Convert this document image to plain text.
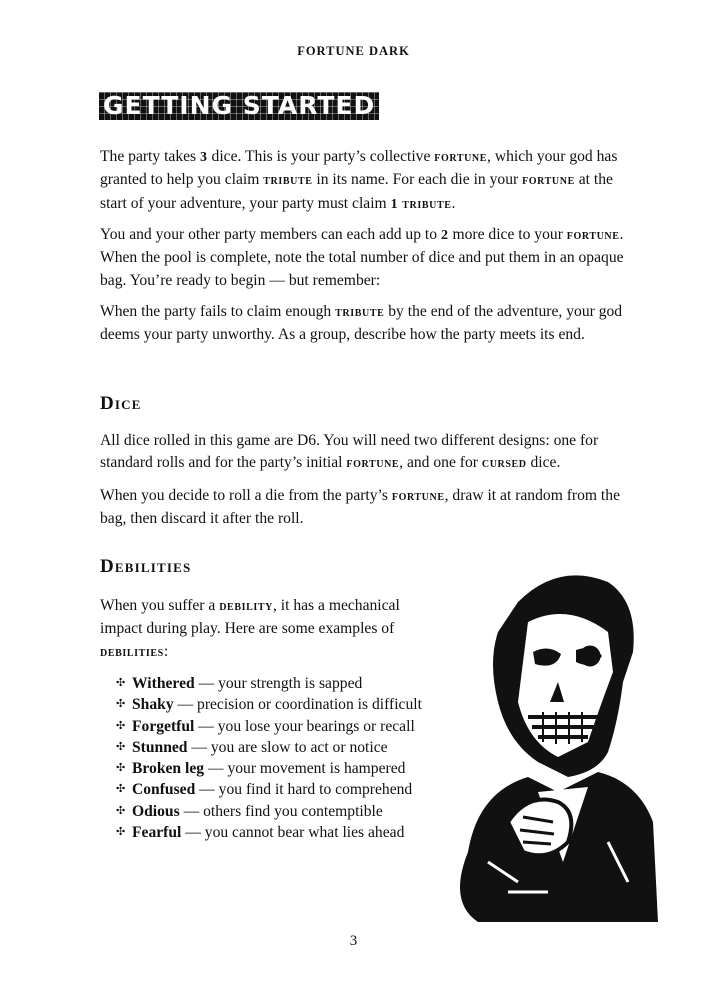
FORTUNE DARK
GETTING STARTED

The party takes 3 dice. This is your party’s collective fortune, which your god has granted to help you claim tribute in its name. For each die in your fortune at the start of your adventure, your party must claim 1 tribute.

You and your other party members can each add up to 2 more dice to your fortune. When the pool is complete, note the total number of dice and put them in an opaque bag. You’re ready to begin — but remember:

When the party fails to claim enough tribute by the end of the adventure, your god deems your party unworthy. As a group, describe how the party meets its end.

Dice

All dice rolled in this game are D6. You will need two different designs: one for standard rolls and for the party’s initial fortune, and one for cursed dice.

When you decide to roll a die from the party’s fortune, draw it at random from the bag, then discard it after the roll.

Debilities

When you suffer a debility, it has a mechanical impact during play. Here are some examples of debilities:

✣ Withered — your strength is sapped
✣ Shaky — precision or coordination is difficult
✣ Forgetful — you lose your bearings or recall
✣ Stunned — you are slow to act or notice
✣ Broken leg — your movement is hampered
✣ Confused — you find it hard to comprehend
✣ Odious — others find you contemptible
✣ Fearful — you cannot bear what lies ahead
3
